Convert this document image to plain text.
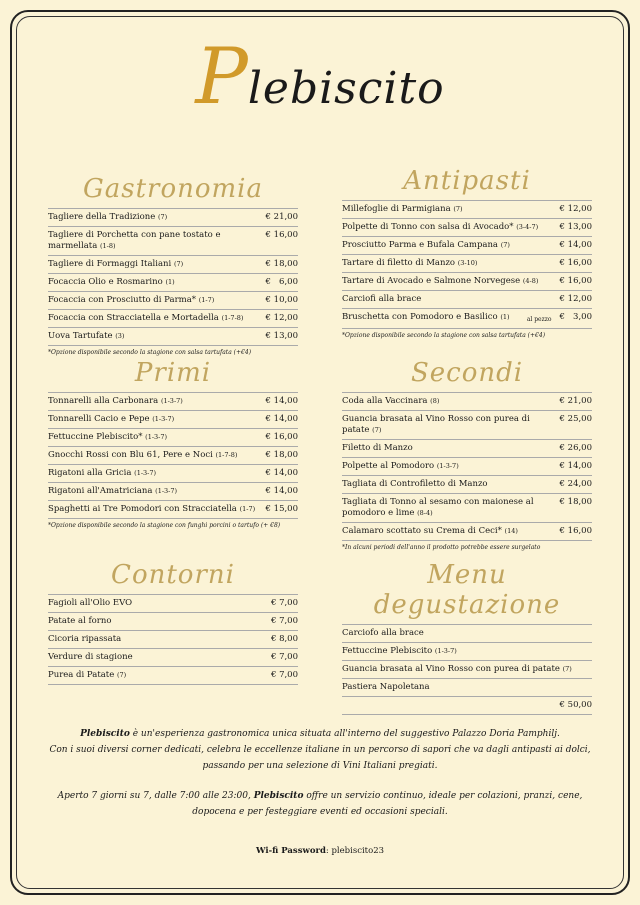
Plebiscito
Gastronomia
Tagliere della Tradizione (7)	€ 21,00
Tagliere di Porchetta con pane tostato e marmellata (1-8)
€ 16,00
Tagliere di Formaggi Italiani (7)	€ 18,00
Focaccia Olio e Rosmarino (1)	€   6,00
Focaccia con Prosciutto di Parma* (1-7)	€ 10,00
Focaccia con Stracciatella e Mortadella (1-7-8)	€ 12,00
Uova Tartufate (3)	€ 13,00
*Opzione disponibile secondo la stagione con salsa tartufata (+€4)
Antipasti
Millefoglie di Parmigiana (7)	€ 12,00
Polpette di Tonno con salsa di Avocado* (3-4-7)	€ 13,00
Prosciutto Parma e Bufala Campana (7)	€ 14,00
Tartare di filetto di Manzo (3-10)	€ 16,00
Tartare di Avocado e Salmone Norvegese (4-8)	€ 16,00
Carciofi alla brace	€ 12,00
Bruschetta con Pomodoro e Basilico (1)	al pezzo €   3,00
*Opzione disponibile secondo la stagione con salsa tartufata (+€4)
Primi
Tonnarelli alla Carbonara (1-3-7)	€ 14,00
Tonnarelli Cacio e Pepe (1-3-7)	€ 14,00
Fettuccine Plebiscito* (1-3-7)	€ 16,00
Gnocchi Rossi con Blu 61, Pere e Noci (1-7-8)	€ 18,00
Rigatoni alla Gricia (1-3-7)	€ 14,00
Rigatoni all'Amatriciana (1-3-7)	€ 14,00
Spaghetti ai Tre Pomodori con Stracciatella (1-7)	€ 15,00
*Opzione disponibile secondo la stagione con funghi porcini o tartufo (+ €8)
Secondi
Coda alla Vaccinara (8)	€ 21,00
Guancia brasata al Vino Rosso con purea di patate (7)
€ 25,00
Filetto di Manzo	€ 26,00
Polpette al Pomodoro (1-3-7)	€ 14,00
Tagliata di Controfiletto di Manzo	€ 24,00
Tagliata di Tonno al sesamo con maionese al pomodoro e lime (8-4)
€ 18,00
Calamaro scottato su Crema di Ceci* (14)	€ 16,00
*In alcuni periodi dell'anno il prodotto potrebbe essere surgelato
Contorni
Fagioli all'Olio EVO	€ 7,00
Patate al forno	€ 7,00
Cicoria ripassata	€ 8,00
Verdure di stagione	€ 7,00
Purea di Patate (7)	€ 7,00
Menu degustazione
Carciofo alla brace
Fettuccine Plebiscito (1-3-7)
Guancia brasata al Vino Rosso con purea di patate (7)
Pastiera Napoletana
€ 50,00
Plebiscito è un'esperienza gastronomica unica situata all'interno del suggestivo Palazzo Doria Pamphilj.
Con i suoi diversi corner dedicati, celebra le eccellenze italiane in un percorso di sapori che va dagli antipasti ai dolci,
passando per una selezione di Vini Italiani pregiati.
Aperto 7 giorni su 7, dalle 7:00 alle 23:00, Plebiscito offre un servizio continuo, ideale per colazioni, pranzi, cene,
dopocena e per festeggiare eventi ed occasioni speciali.
Wi-fi Password: plebiscito23
